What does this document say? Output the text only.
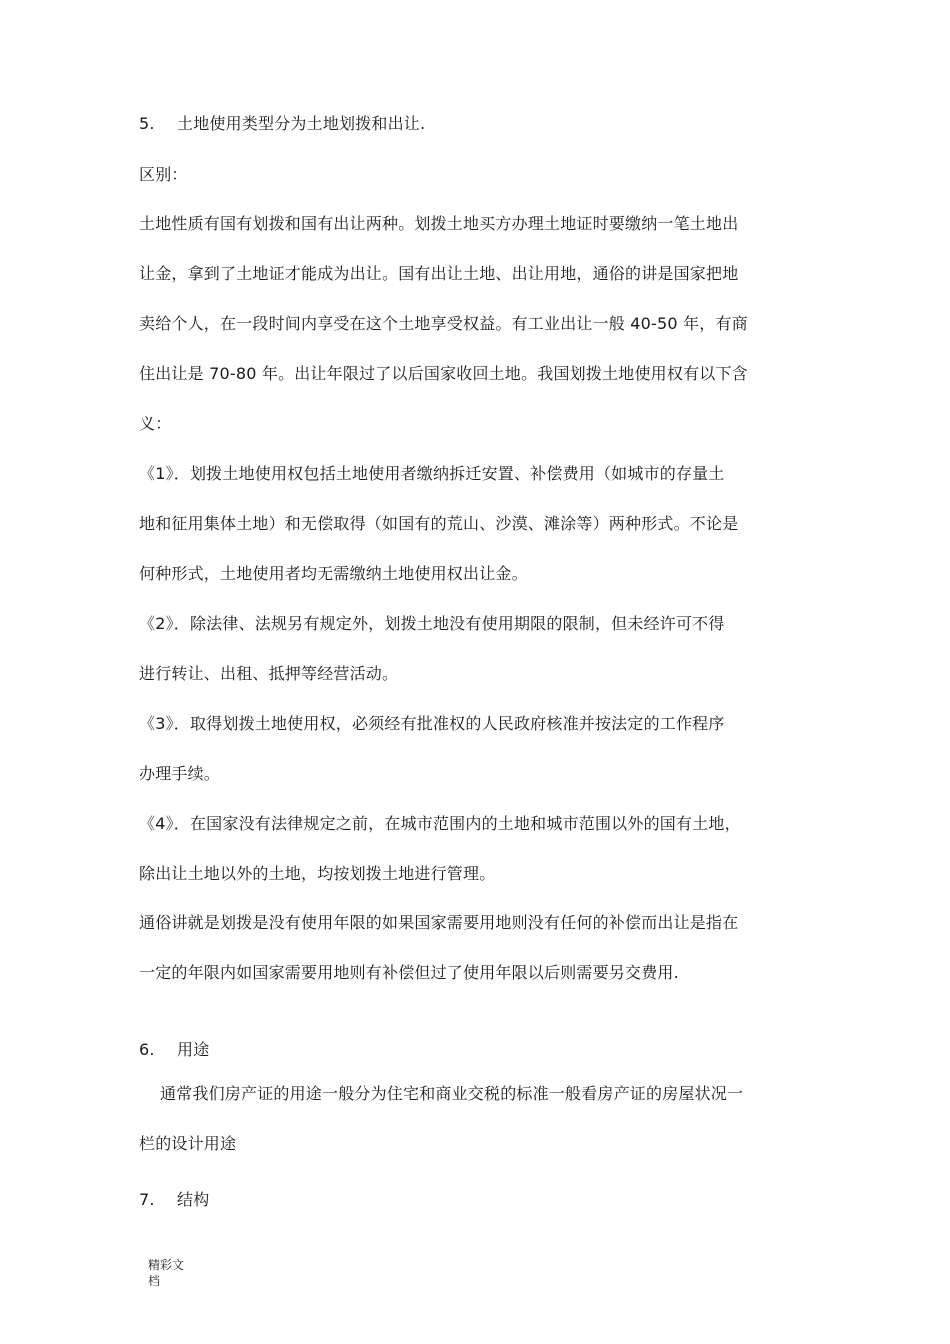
5. 土地使用类型分为土地划拨和出让.
区别：
土地性质有国有划拨和国有出让两种。划拨土地买方办理土地证时要缴纳一笔土地出
让金，拿到了土地证才能成为出让。国有出让土地、出让用地，通俗的讲是国家把地
卖给个人，在一段时间内享受在这个土地享受权益。有工业出让一般 40-50 年，有商
住出让是 70-80 年。出让年限过了以后国家收回土地。我国划拨土地使用权有以下含
义：
《1》．划拨土地使用权包括土地使用者缴纳拆迁安置、补偿费用（如城市的存量土
地和征用集体土地）和无偿取得（如国有的荒山、沙漠、滩涂等）两种形式。不论是
何种形式，土地使用者均无需缴纳土地使用权出让金。
《2》．除法律、法规另有规定外，划拨土地没有使用期限的限制，但未经许可不得
进行转让、出租、抵押等经营活动。
《3》．取得划拨土地使用权，必须经有批准权的人民政府核准并按法定的工作程序
办理手续。
《4》．在国家没有法律规定之前，在城市范围内的土地和城市范围以外的国有土地，
除出让土地以外的土地，均按划拨土地进行管理。
通俗讲就是划拨是没有使用年限的如果国家需要用地则没有任何的补偿而出让是指在
一定的年限内如国家需要用地则有补偿但过了使用年限以后则需要另交费用.
6. 用途
通常我们房产证的用途一般分为住宅和商业交税的标准一般看房产证的房屋状况一
栏的设计用途
7. 结构
精彩文
档
